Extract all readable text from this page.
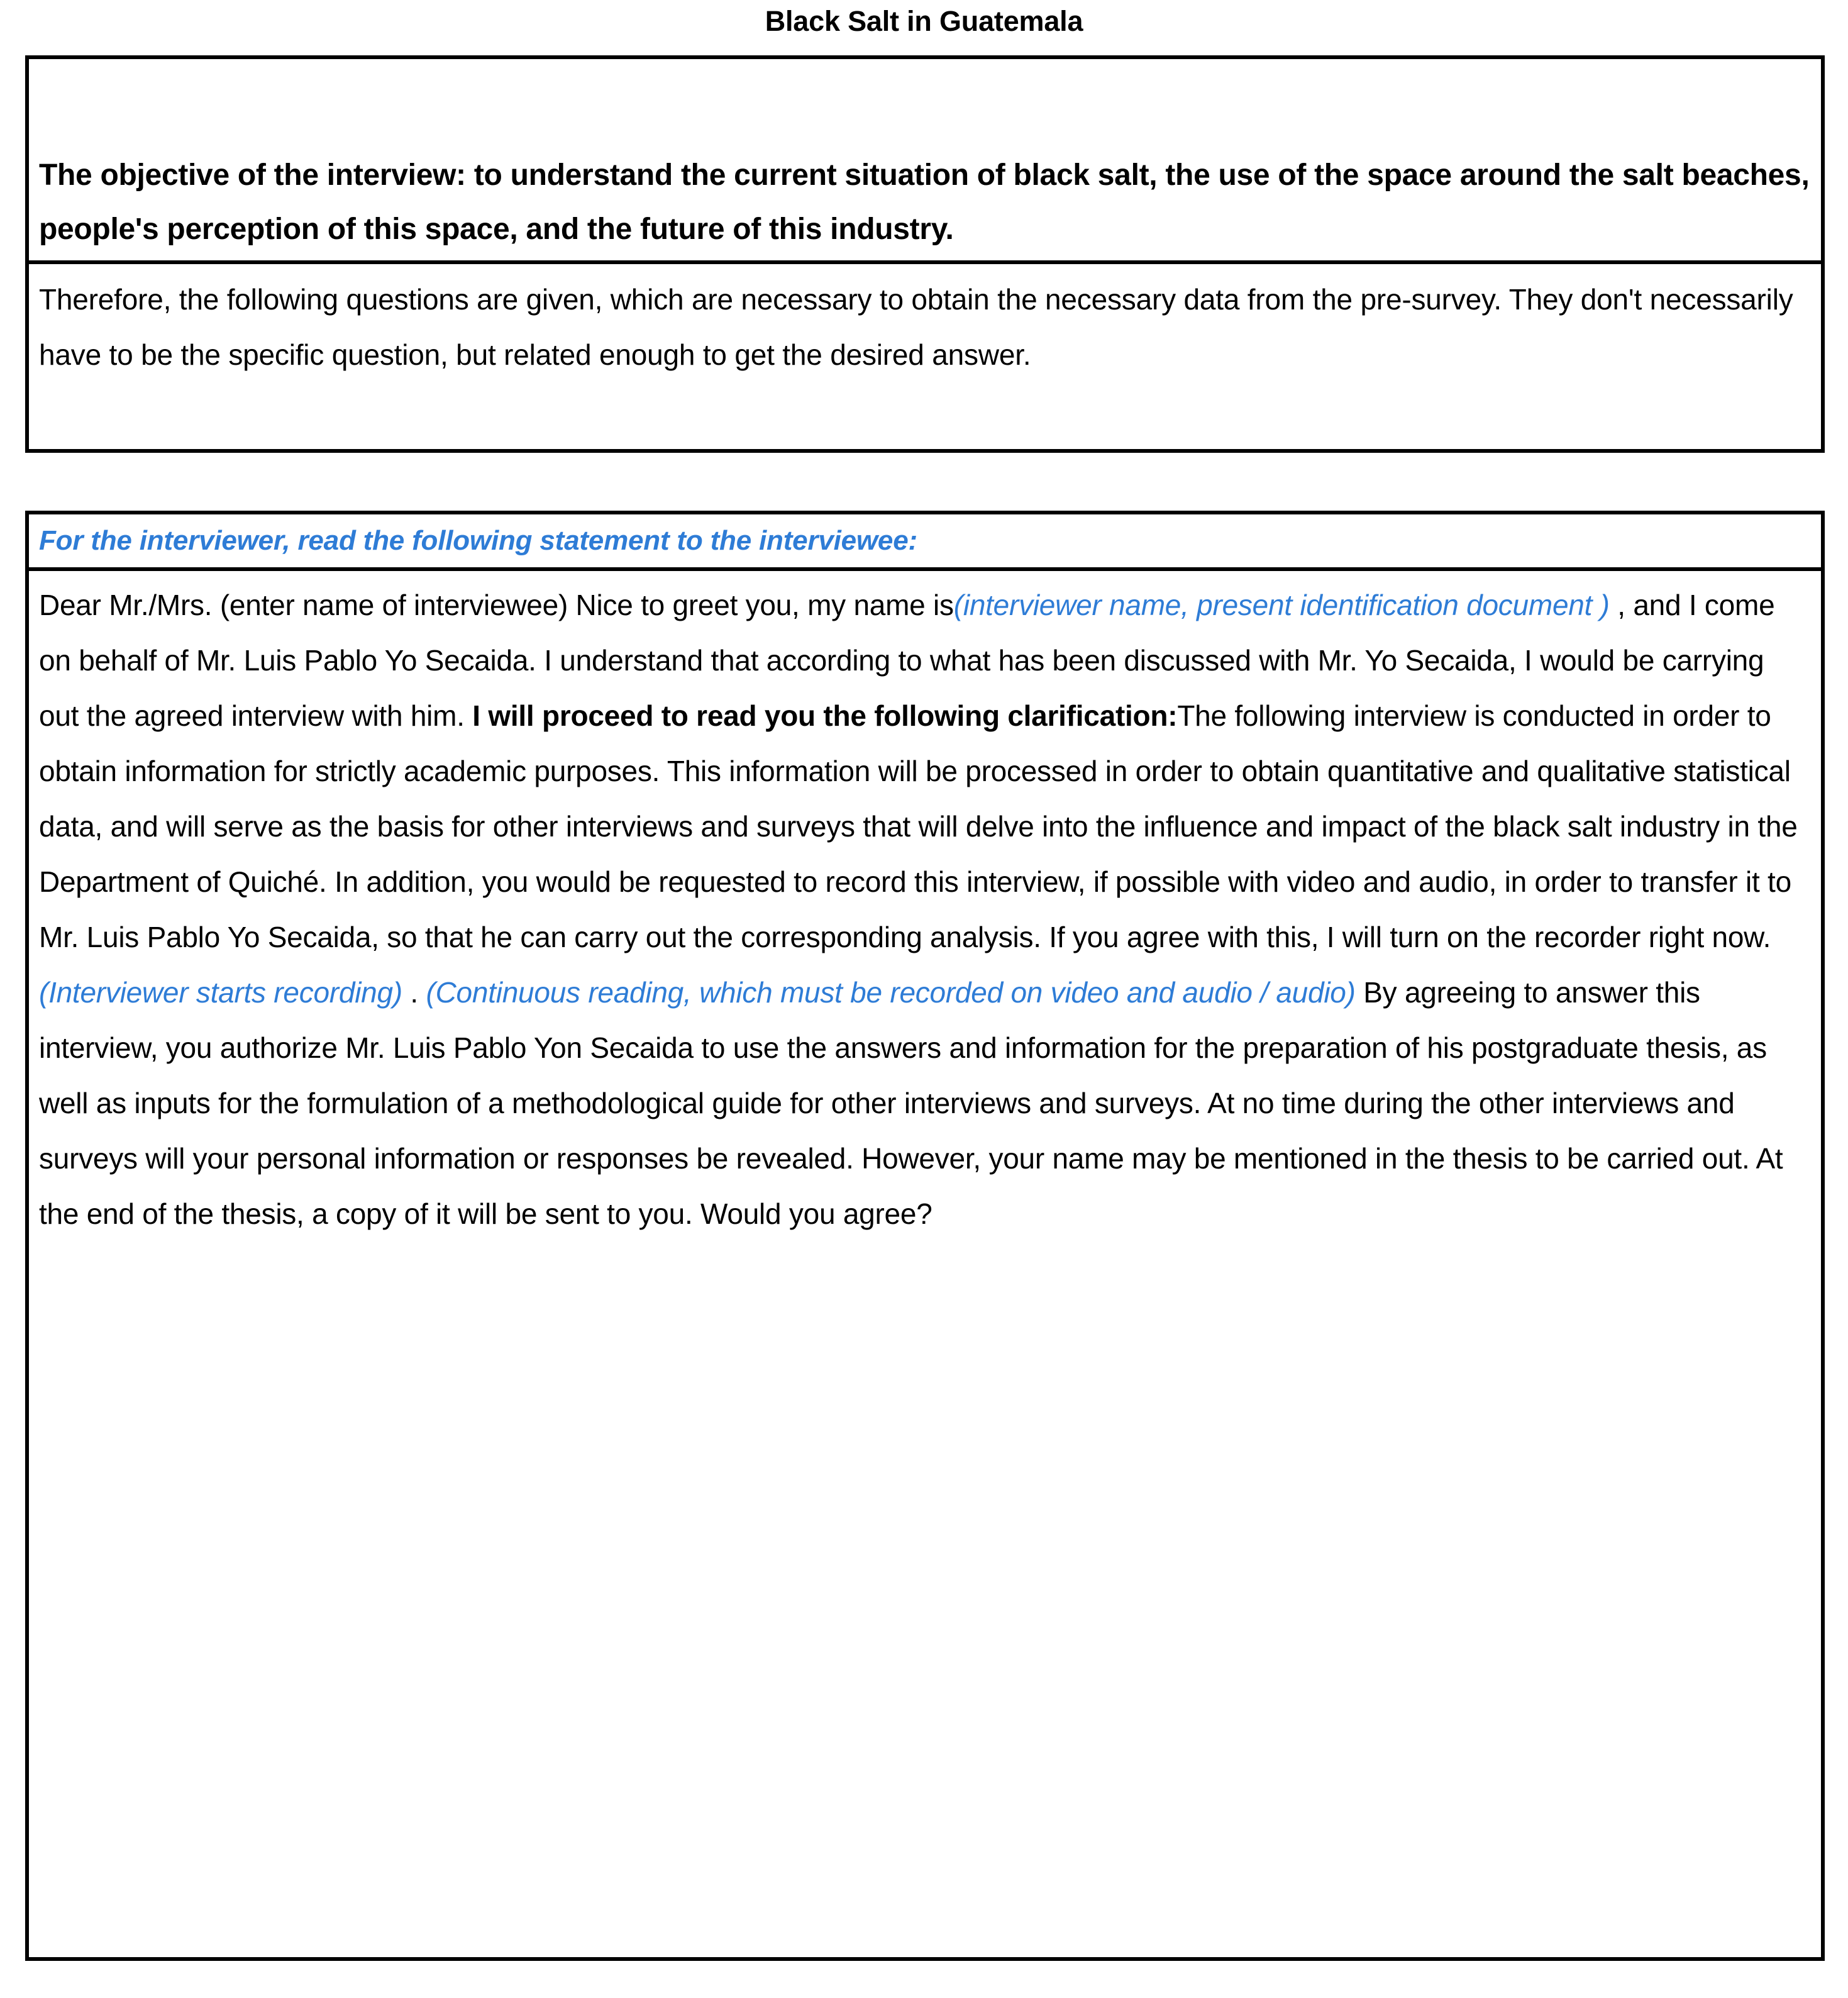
Black Salt in Guatemala
The objective of the interview: to understand the current situation of black salt, the use of the space around the salt beaches, people's perception of this space, and the future of this industry.
Therefore, the following questions are given, which are necessary to obtain the necessary data from the pre-survey. They don't necessarily have to be the specific question, but related enough to get the desired answer.
For the interviewer, read the following statement to the interviewee:
Dear Mr./Mrs. (enter name of interviewee) Nice to greet you, my name is(interviewer name, present identification document ) , and I come on behalf of Mr. Luis Pablo Yo Secaida. I understand that according to what has been discussed with Mr. Yo Secaida, I would be carrying out the agreed interview with him. I will proceed to read you the following clarification:The following interview is conducted in order to obtain information for strictly academic purposes. This information will be processed in order to obtain quantitative and qualitative statistical data, and will serve as the basis for other interviews and surveys that will delve into the influence and impact of the black salt industry in the Department of Quiché. In addition, you would be requested to record this interview, if possible with video and audio, in order to transfer it to Mr. Luis Pablo Yo Secaida, so that he can carry out the corresponding analysis. If you agree with this, I will turn on the recorder right now.(Interviewer starts recording) . (Continuous reading, which must be recorded on video and audio / audio) By agreeing to answer this interview, you authorize Mr. Luis Pablo Yon Secaida to use the answers and information for the preparation of his postgraduate thesis, as well as inputs for the formulation of a methodological guide for other interviews and surveys. At no time during the other interviews and surveys will your personal information or responses be revealed. However, your name may be mentioned in the thesis to be carried out. At the end of the thesis, a copy of it will be sent to you. Would you agree?
